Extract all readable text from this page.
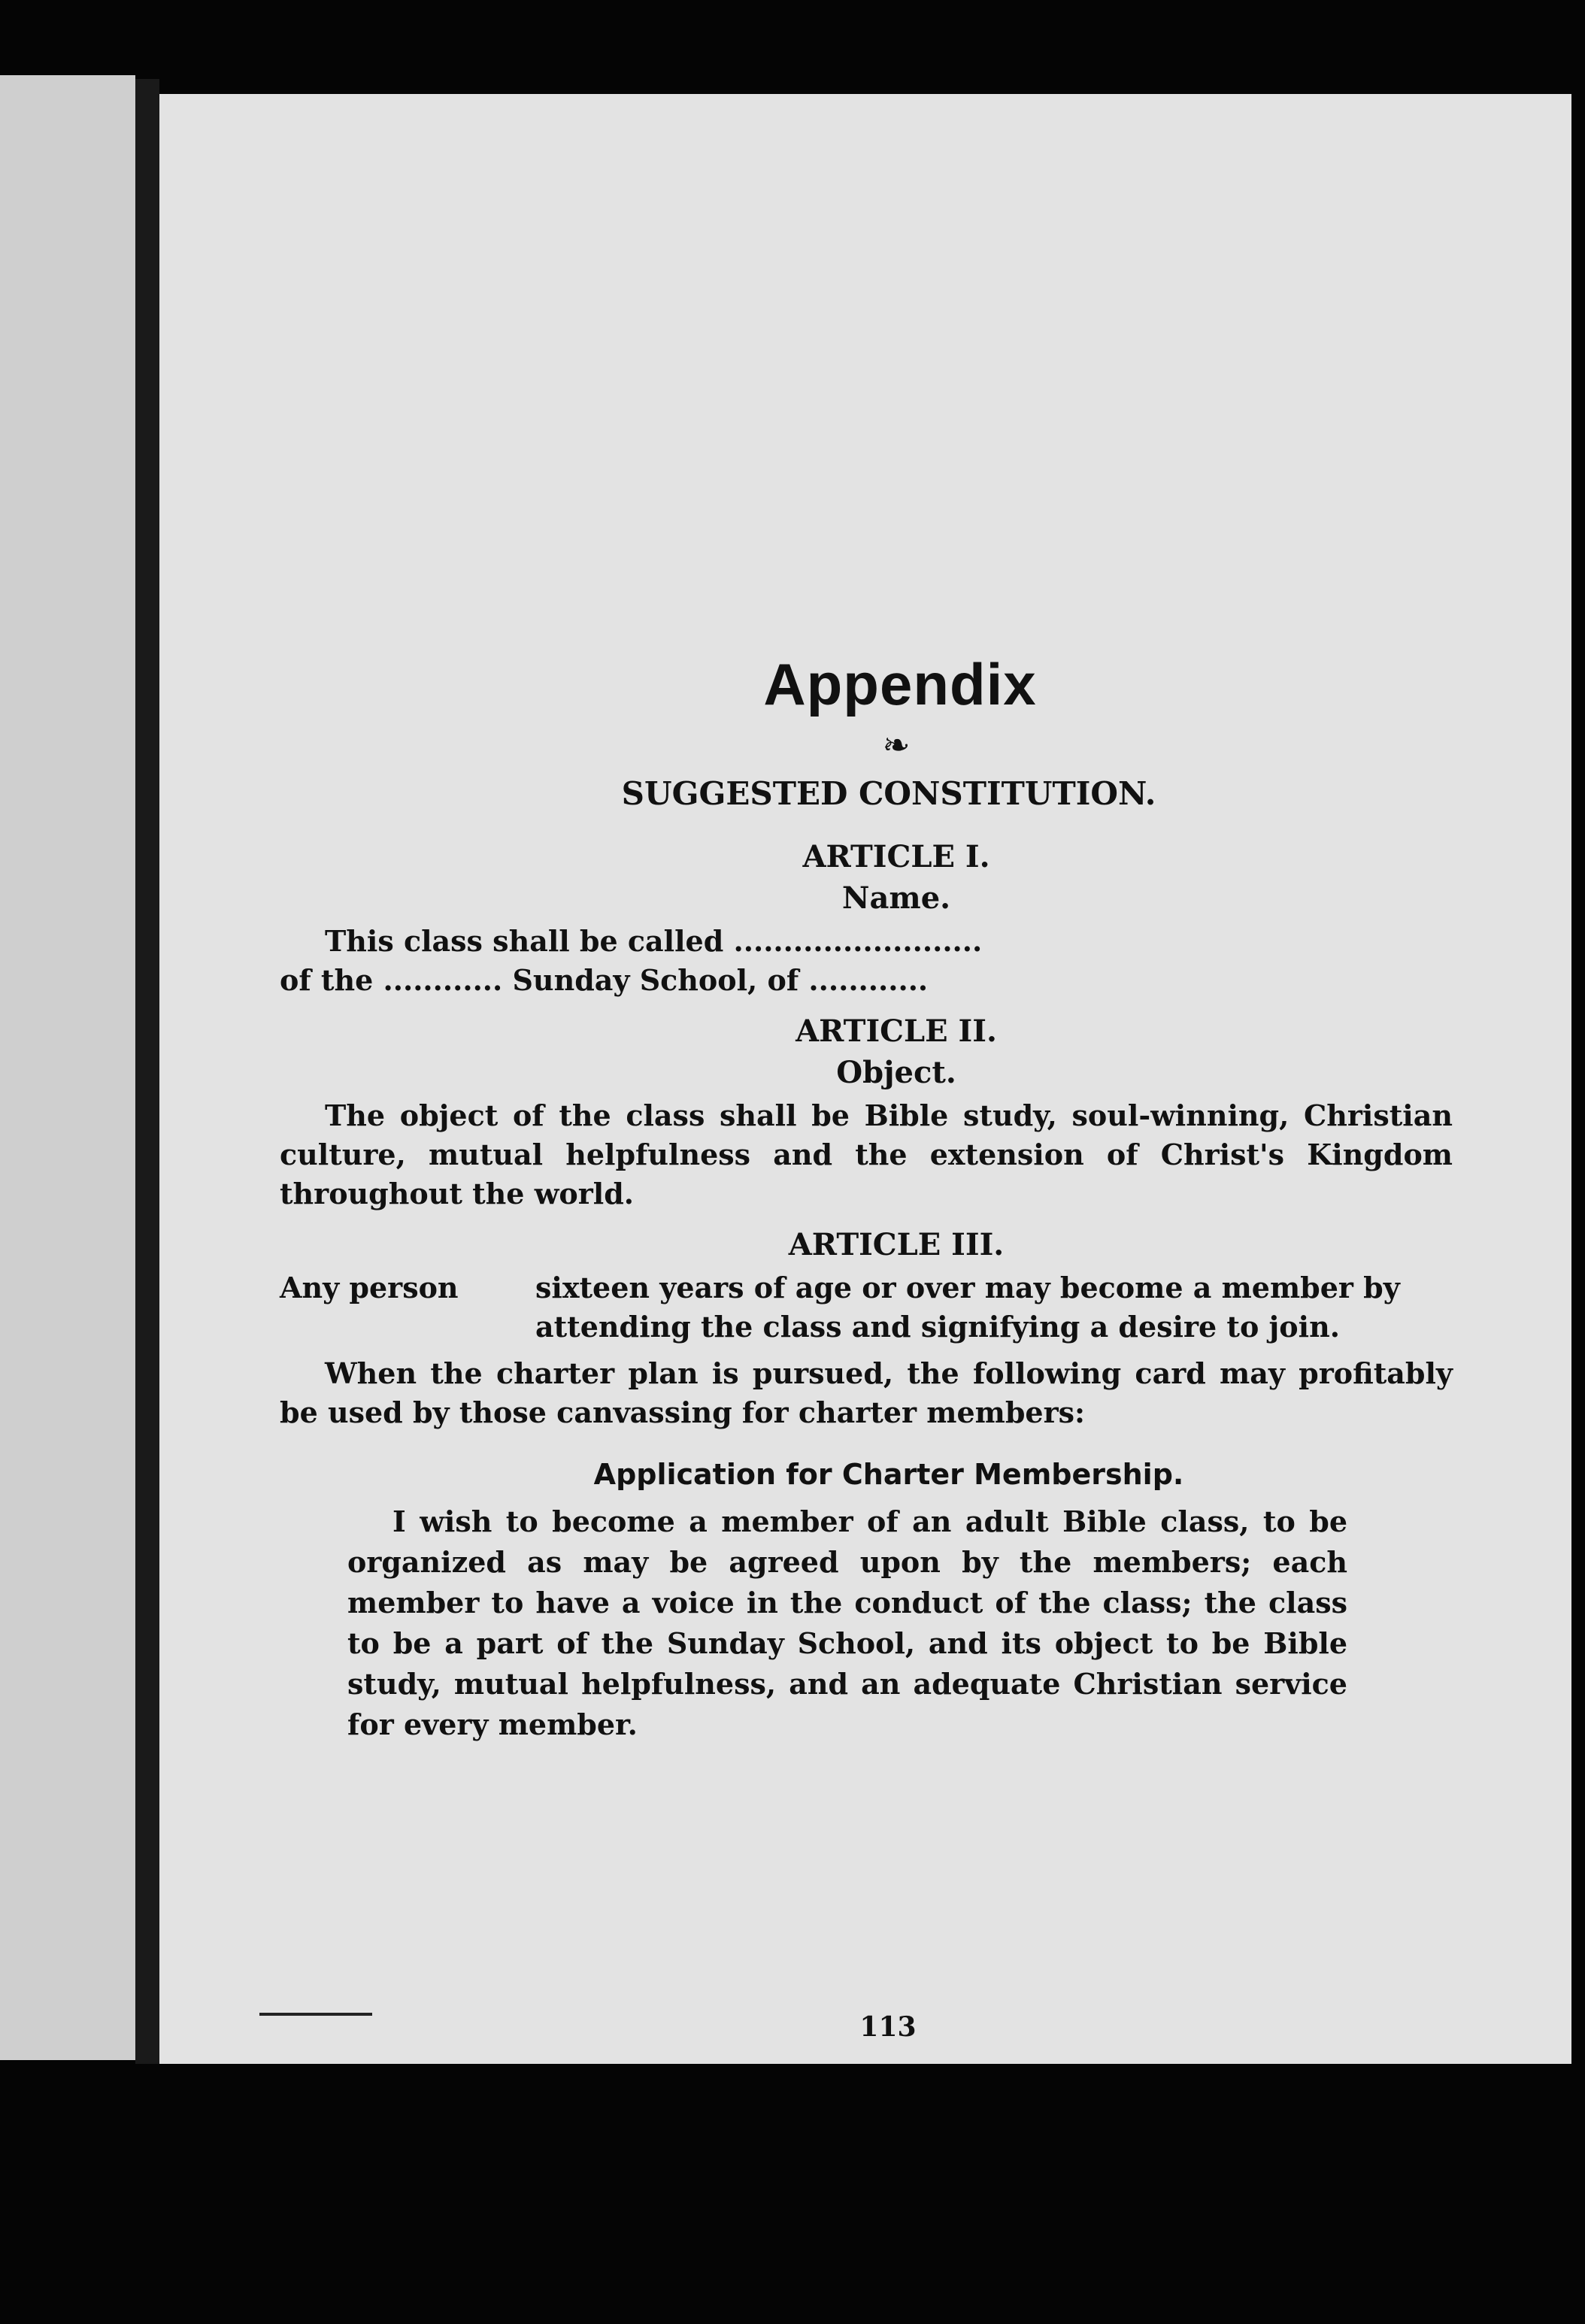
Appendix
❧
SUGGESTED CONSTITUTION.
ARTICLE I.
Name.

This class shall be called .........................

of the ............ Sunday School, of ............

ARTICLE II.
Object.

The object of the class shall be Bible study, soul-winning, Christian culture, mutual helpfulness and the extension of Christ's Kingdom throughout the world.

ARTICLE III.
Any person	sixteen years of age or over may become a member by attending the class and signifying a desire to join.

When the charter plan is pursued, the following card may profitably be used by those canvassing for charter members:

Application for Charter Membership.

I wish to become a member of an adult Bible class, to be organized as may be agreed upon by the members; each member to have a voice in the conduct of the class; the class to be a part of the Sunday School, and its object to be Bible study, mutual helpfulness, and an adequate Christian service for every member.

113
